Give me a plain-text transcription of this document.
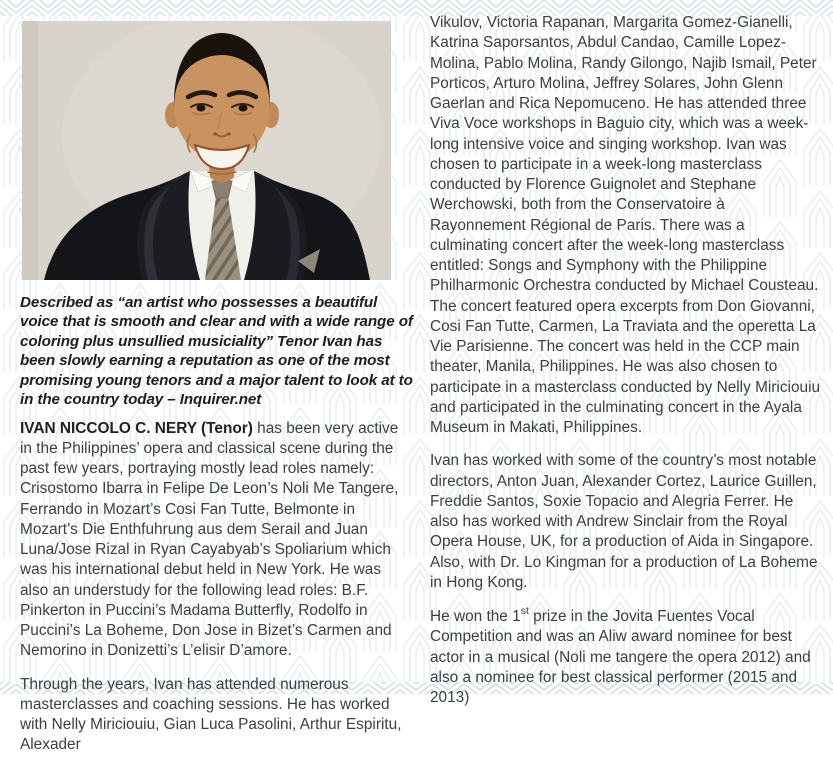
Described as “an artist who possesses a beautiful voice that is smooth and clear and with a wide range of coloring plus unsullied musiciality” Tenor Ivan has been slowly earning a reputation as one of the most promising young tenors and a major talent to look at to in the country today – Inquirer.net

IVAN NICCOLO C. NERY (Tenor) has been very active in the Philippines’ opera and classical scene during the past few years, portraying mostly lead roles namely: Crisostomo Ibarra in Felipe De Leon’s Noli Me Tangere, Ferrando in Mozart’s Cosi Fan Tutte, Belmonte in Mozart’s Die Enthfuhrung aus dem Serail and Juan Luna/Jose Rizal in Ryan Cayabyab’s Spoliarium which was his international debut held in New York. He was also an understudy for the following lead roles: B.F. Pinkerton in Puccini’s Madama Butterfly, Rodolfo in Puccini’s La Boheme, Don Jose in Bizet’s Carmen and Nemorino in Donizetti’s L’elisir D’amore.

Through the years, Ivan has attended numerous masterclasses and coaching sessions. He has worked with Nelly Miriciouiu, Gian Luca Pasolini, Arthur Espiritu, Alexader

Vikulov, Victoria Rapanan, Margarita Gomez-Gianelli, Katrina Saporsantos, Abdul Candao, Camille Lopez-Molina, Pablo Molina, Randy Gilongo, Najib Ismail, Peter Porticos, Arturo Molina, Jeffrey Solares, John Glenn Gaerlan and Rica Nepomuceno. He has attended three Viva Voce workshops in Baguio city, which was a week-long intensive voice and singing workshop. Ivan was chosen to participate in a week-long masterclass conducted by Florence Guignolet and Stephane Werchowski, both from the Conservatoire à Rayonnement Régional de Paris. There was a culminating concert after the week-long masterclass entitled: Songs and Symphony with the Philippine Philharmonic Orchestra conducted by Michael Cousteau. The concert featured opera excerpts from Don Giovanni, Cosi Fan Tutte, Carmen, La Traviata and the operetta La Vie Parisienne. The concert was held in the CCP main theater, Manila, Philippines. He was also chosen to participate in a masterclass conducted by Nelly Miriciouiu and participated in the culminating concert in the Ayala Museum in Makati, Philippines.

Ivan has worked with some of the country’s most notable directors, Anton Juan, Alexander Cortez, Laurice Guillen, Freddie Santos, Soxie Topacio and Alegria Ferrer. He also has worked with Andrew Sinclair from the Royal Opera House, UK, for a production of Aida in Singapore. Also, with Dr. Lo Kingman for a production of La Boheme in Hong Kong.

He won the 1st prize in the Jovita Fuentes Vocal Competition and was an Aliw award nominee for best actor in a musical (Noli me tangere the opera 2012) and also a nominee for best classical performer (2015 and 2013)
